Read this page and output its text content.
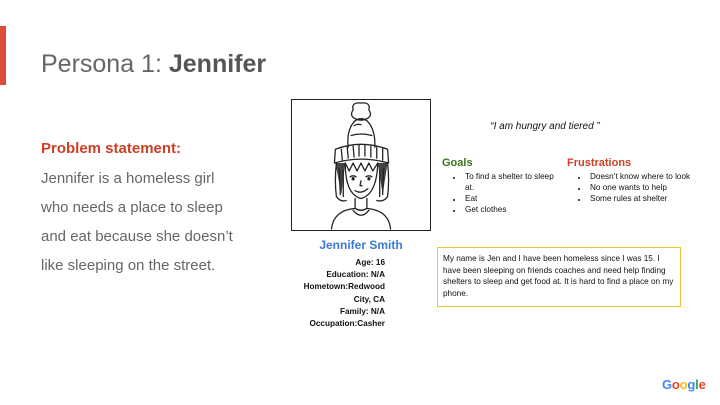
Persona 1: Jennifer
Problem statement:
Jennifer is a homeless girl who needs a place to sleep and eat because she doesn’t like sleeping on the street.
Jennifer Smith
Age: 16
Education: N/A
Hometown:Redwood
City, CA
Family: N/A
Occupation:Casher
“I am hungry and tiered ”
Goals
• To find a shelter to sleep at.
• Eat
• Get clothes
Frustrations
• Doesn’t know where to look
• No one wants to help
• Some rules at shelter
My name is Jen and I have been homeless since I was 15. I have been sleeping on friends coaches and need help finding shelters to sleep and get food at. It is hard to find a place on my phone.
Google
